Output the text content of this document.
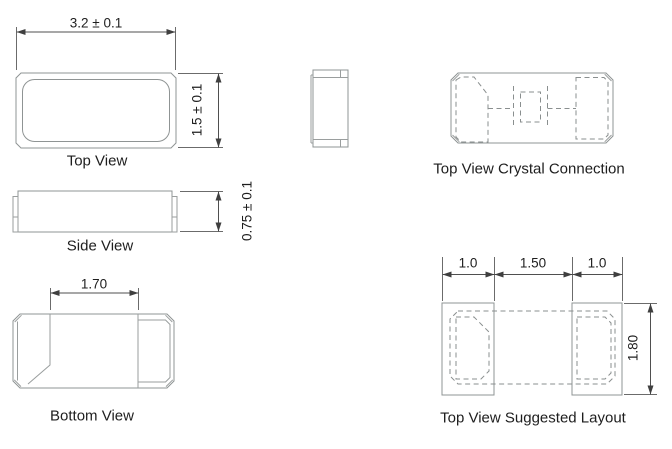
3.2 ± 0.1
1.5 ± 0.1
Top View
0.75 ± 0.1
Side View
Top View Crystal Connection
1.70
Bottom View
1.0	1.50	1.0
1.80
Top View Suggested Layout
